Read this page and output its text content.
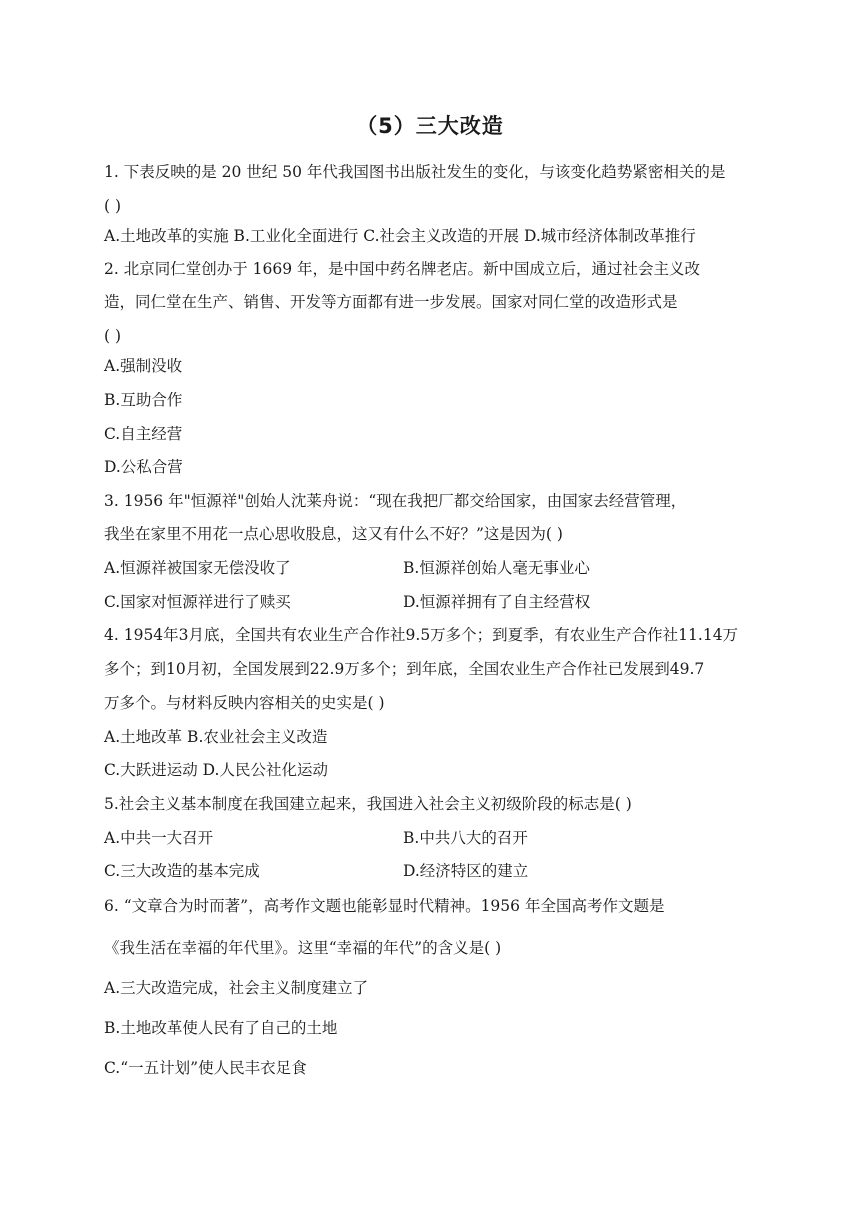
（5）三大改造
1. 下表反映的是 20 世纪 50 年代我国图书出版社发生的变化，与该变化趋势紧密相关的是
( )
A.土地改革的实施 B.工业化全面进行 C.社会主义改造的开展 D.城市经济体制改革推行
2. 北京同仁堂创办于 1669 年，是中国中药名牌老店。新中国成立后，通过社会主义改
造，同仁堂在生产、销售、开发等方面都有进一步发展。国家对同仁堂的改造形式是
( )
A.强制没收
B.互助合作
C.自主经营
D.公私合营
3. 1956 年"恒源祥"创始人沈莱舟说：“现在我把厂都交给国家，由国家去经营管理，
我坐在家里不用花一点心思收股息，这又有什么不好？”这是因为( )
A.恒源祥被国家无偿没收了	B.恒源祥创始人毫无事业心
C.国家对恒源祥进行了赎买	D.恒源祥拥有了自主经营权
4. 1954年3月底，全国共有农业生产合作社9.5万多个；到夏季，有农业生产合作社11.14万
多个；到10月初，全国发展到22.9万多个；到年底，全国农业生产合作社已发展到49.7
万多个。与材料反映内容相关的史实是( )
A.土地改革 B.农业社会主义改造
C.大跃进运动 D.人民公社化运动
5.社会主义基本制度在我国建立起来，我国进入社会主义初级阶段的标志是( )
A.中共一大召开	B.中共八大的召开
C.三大改造的基本完成	D.经济特区的建立
6. “文章合为时而著”，高考作文题也能彰显时代精神。1956 年全国高考作文题是
《我生活在幸福的年代里》。这里“幸福的年代”的含义是( )
A.三大改造完成，社会主义制度建立了
B.土地改革使人民有了自己的土地
C.“一五计划”使人民丰衣足食
